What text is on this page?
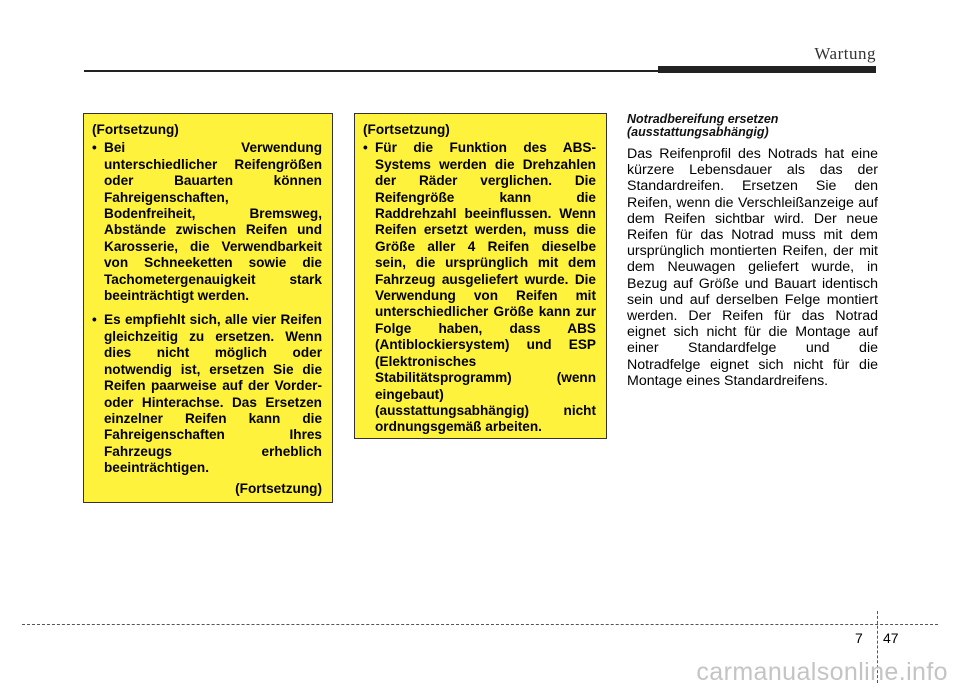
Wartung
(Fortsetzung)
• Bei Verwendung unterschiedlicher Reifengrößen oder Bauarten können Fahreigenschaften, Bodenfreiheit, Bremsweg, Abstände zwischen Reifen und Karosserie, die Verwendbarkeit von Schneeketten sowie die Tachometergenauigkeit stark beeinträchtigt werden.
• Es empfiehlt sich, alle vier Reifen gleichzeitig zu ersetzen. Wenn dies nicht möglich oder notwendig ist, ersetzen Sie die Reifen paarweise auf der Vorder- oder Hinterachse. Das Ersetzen einzelner Reifen kann die Fahreigenschaften Ihres Fahrzeugs erheblich beeinträchtigen.
(Fortsetzung)
(Fortsetzung)
• Für die Funktion des ABS-Systems werden die Drehzahlen der Räder verglichen. Die Reifengröße kann die Raddrehzahl beeinflussen. Wenn Reifen ersetzt werden, muss die Größe aller 4 Reifen dieselbe sein, die ursprünglich mit dem Fahrzeug ausgeliefert wurde. Die Verwendung von Reifen mit unterschiedlicher Größe kann zur Folge haben, dass ABS (Antiblockiersystem) und ESP (Elektronisches Stabilitätsprogramm) (wenn eingebaut) (ausstattungsabhängig) nicht ordnungsgemäß arbeiten.
Notradbereifung ersetzen (ausstattungsabhängig)
Das Reifenprofil des Notrads hat eine kürzere Lebensdauer als das der Standardreifen. Ersetzen Sie den Reifen, wenn die Verschleißanzeige auf dem Reifen sichtbar wird. Der neue Reifen für das Notrad muss mit dem ursprünglich montierten Reifen, der mit dem Neuwagen geliefert wurde, in Bezug auf Größe und Bauart identisch sein und auf derselben Felge montiert werden. Der Reifen für das Notrad eignet sich nicht für die Montage auf einer Standardfelge und die Notradfelge eignet sich nicht für die Montage eines Standardreifens.
7 47
carmanualsonline.info
